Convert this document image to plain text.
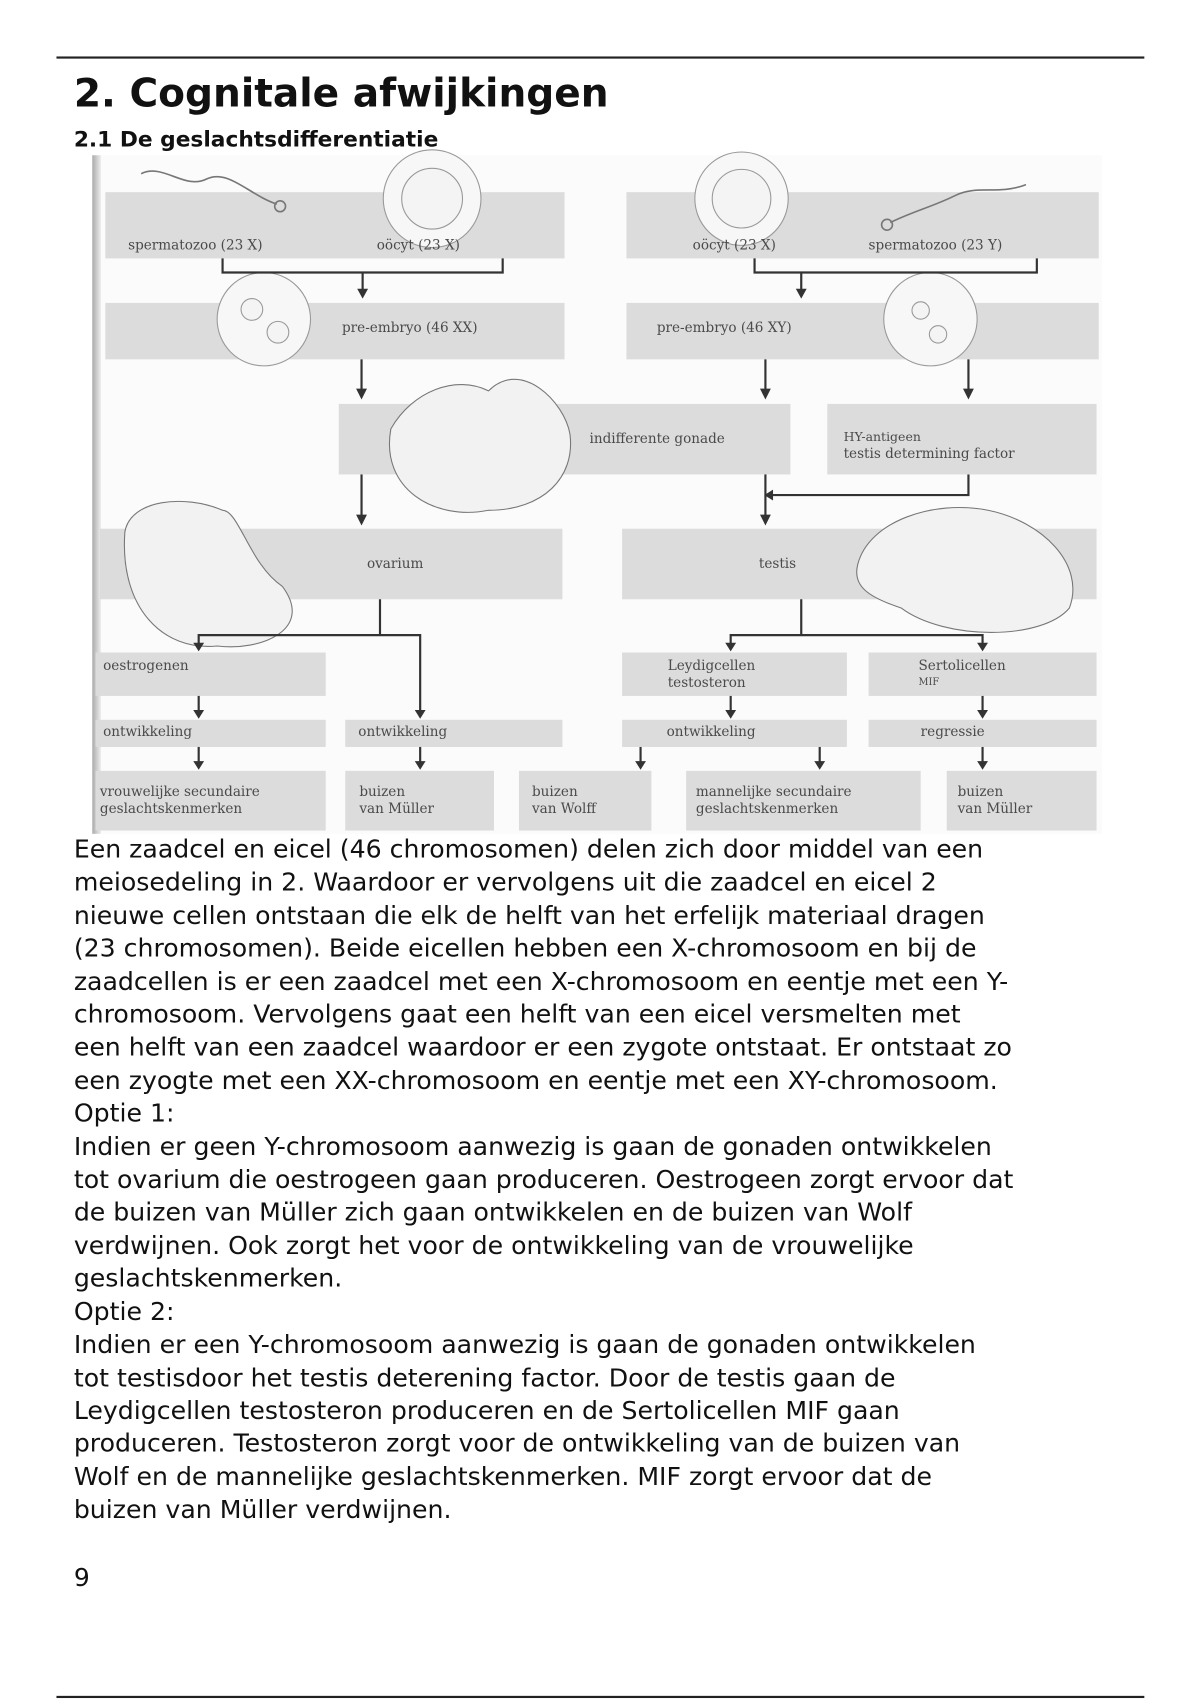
2. Cognitale afwijkingen
2.1 De geslachtsdifferentiatie
spermatozoo (23 X)	oöcyt (23 X)	oöcyt (23 X)	spermatozoo (23 Y)
pre-embryo (46 XX)	pre-embryo (46 XY)
indifferente gonade	HY-antigeen
testis determining factor
ovarium	testis
oestrogenen	Leydigcellen
testosteron
Sertolicellen
MIF
ontwikkeling	ontwikkeling	ontwikkeling	regressie
vrouwelijke secundaire
geslachtskenmerken
buizen
van Müller
buizen
van Wolff
mannelijke secundaire
geslachtskenmerken
buizen
van Müller
Een zaadcel en eicel (46 chromosomen) delen zich door middel van een
meiosedeling in 2. Waardoor er vervolgens uit die zaadcel en eicel 2
nieuwe cellen ontstaan die elk de helft van het erfelijk materiaal dragen
(23 chromosomen). Beide eicellen hebben een X-chromosoom en bij de
zaadcellen is er een zaadcel met een X-chromosoom en eentje met een Y-
chromosoom. Vervolgens gaat een helft van een eicel versmelten met
een helft van een zaadcel waardoor er een zygote ontstaat. Er ontstaat zo
een zyogte met een XX-chromosoom en eentje met een XY-chromosoom.
Optie 1:
Indien er geen Y-chromosoom aanwezig is gaan de gonaden ontwikkelen
tot ovarium die oestrogeen gaan produceren. Oestrogeen zorgt ervoor dat
de buizen van Müller zich gaan ontwikkelen en de buizen van Wolf
verdwijnen. Ook zorgt het voor de ontwikkeling van de vrouwelijke
geslachtskenmerken.
Optie 2:
Indien er een Y-chromosoom aanwezig is gaan de gonaden ontwikkelen
tot testisdoor het testis deterening factor. Door de testis gaan de
Leydigcellen testosteron produceren en de Sertolicellen MIF gaan
produceren. Testosteron zorgt voor de ontwikkeling van de buizen van
Wolf en de mannelijke geslachtskenmerken. MIF zorgt ervoor dat de
buizen van Müller verdwijnen.
9
